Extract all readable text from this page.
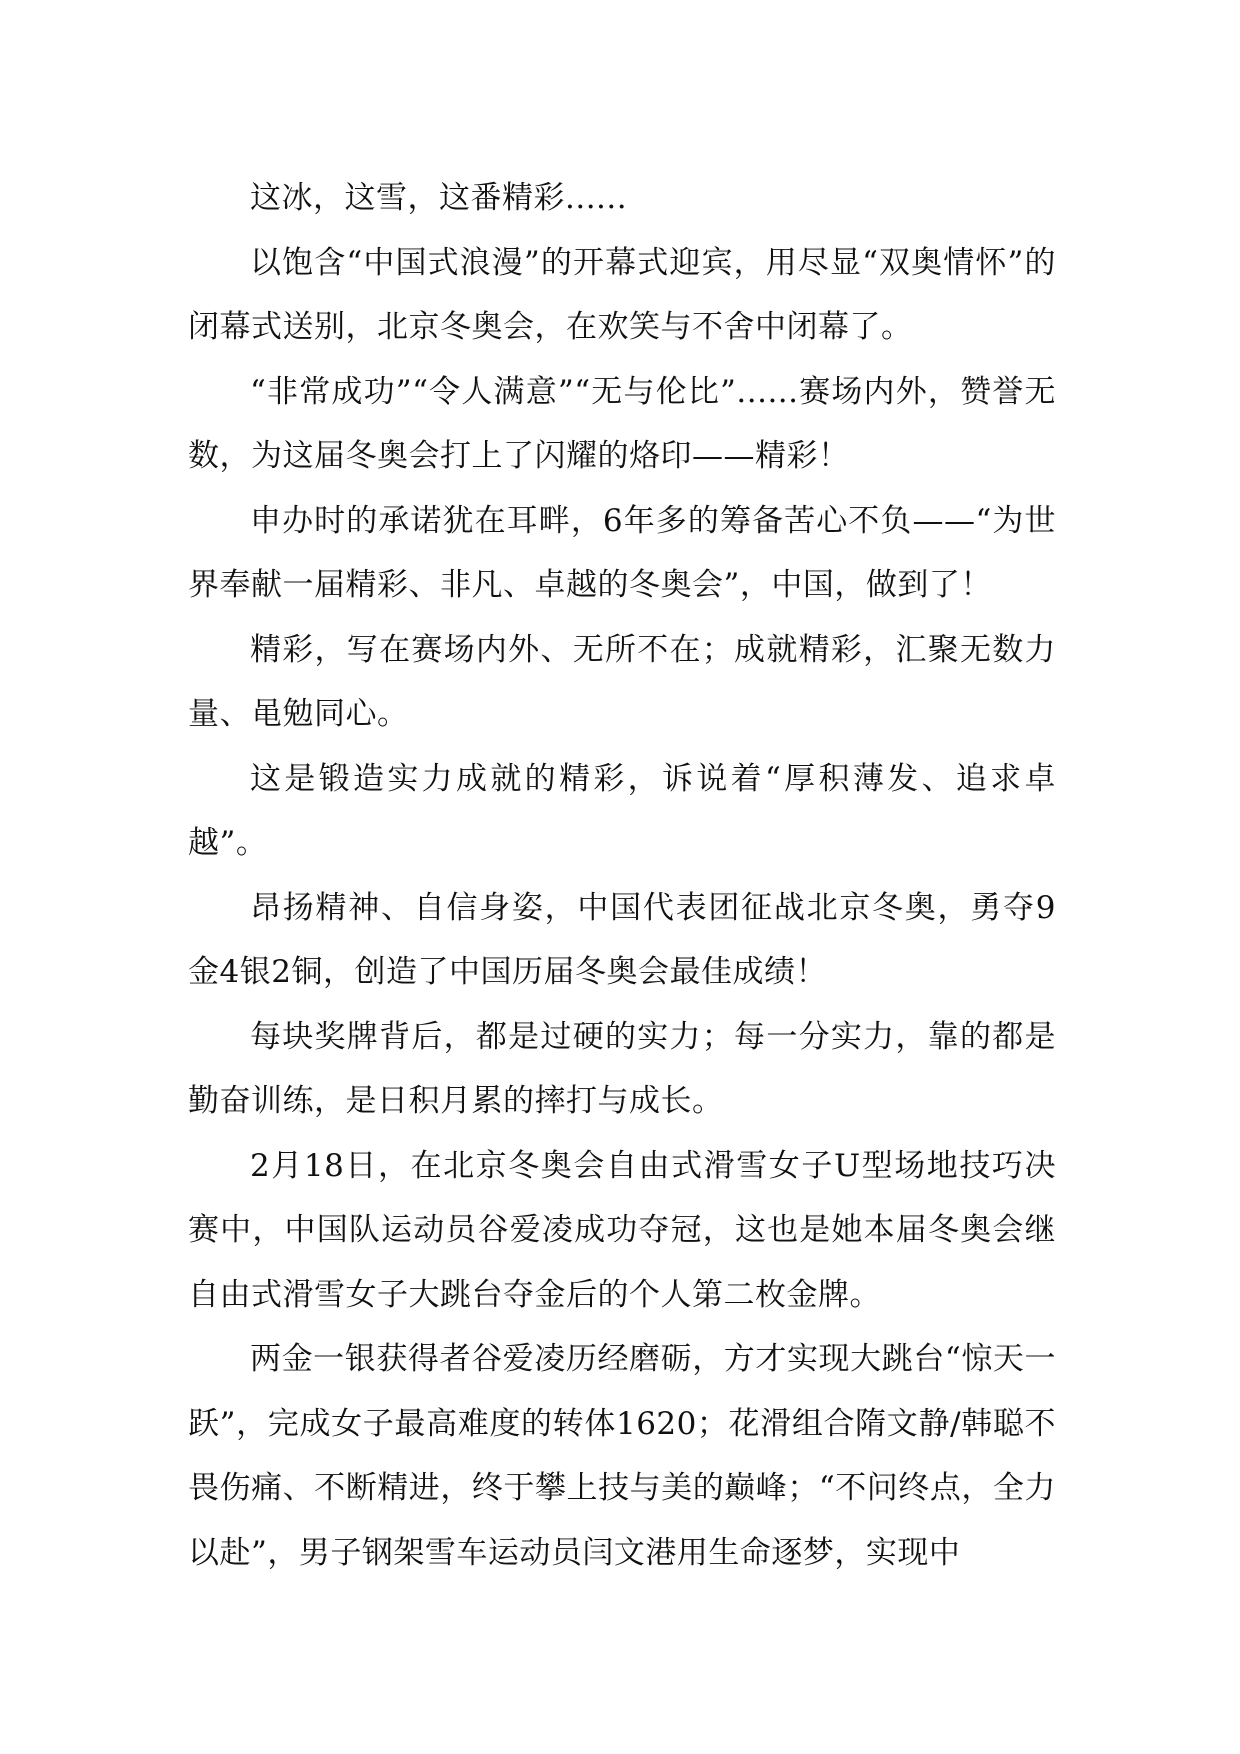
这冰，这雪，这番精彩......

以饱含“中国式浪漫”的开幕式迎宾，用尽显“双奥情怀”的闭幕式送别，北京冬奥会，在欢笑与不舍中闭幕了。

“非常成功”“令人满意”“无与伦比”......赛场内外，赞誉无数，为这届冬奥会打上了闪耀的烙印——精彩！

申办时的承诺犹在耳畔，6年多的筹备苦心不负——“为世界奉献一届精彩、非凡、卓越的冬奥会”，中国，做到了！

精彩，写在赛场内外、无所不在；成就精彩，汇聚无数力量、黾勉同心。

这是锻造实力成就的精彩，诉说着“厚积薄发、追求卓越”。

昂扬精神、自信身姿，中国代表团征战北京冬奥，勇夺9金4银2铜，创造了中国历届冬奥会最佳成绩！

每块奖牌背后，都是过硬的实力；每一分实力，靠的都是勤奋训练，是日积月累的摔打与成长。

2月18日，在北京冬奥会自由式滑雪女子U型场地技巧决赛中，中国队运动员谷爱凌成功夺冠，这也是她本届冬奥会继自由式滑雪女子大跳台夺金后的个人第二枚金牌。

两金一银获得者谷爱凌历经磨砺，方才实现大跳台“惊天一跃”，完成女子最高难度的转体1620；花滑组合隋文静/韩聪不畏伤痛、不断精进，终于攀上技与美的巅峰；“不问终点，全力以赴”，男子钢架雪车运动员闫文港用生命逐梦，实现中
